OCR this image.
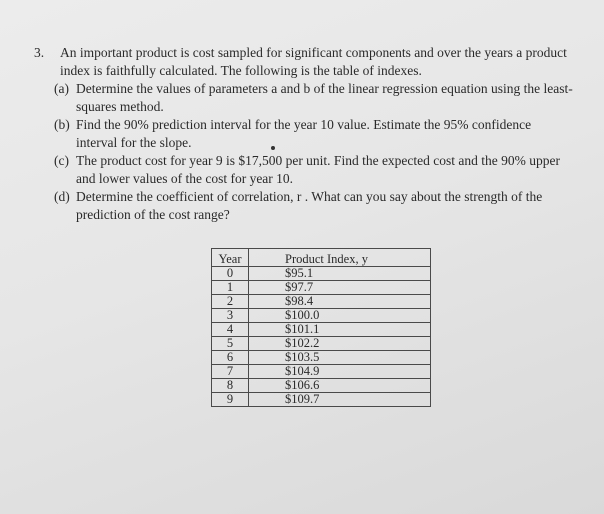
3.	An important product is cost sampled for significant components and over the years a product index is faithfully calculated. The following is the table of indexes.
(a) Determine the values of parameters a and b of the linear regression equation using the least-squares method.
(b) Find the 90% prediction interval for the year 10 value. Estimate the 95% confidence interval for the slope.
(c) The product cost for year 9 is $17,500 per unit. Find the expected cost and the 90% upper and lower values of the cost for year 10.
(d) Determine the coefficient of correlation, r . What can you say about the strength of the prediction of the cost range?
Year	Product Index, y
0	$95.1
1	$97.7
2	$98.4
3	$100.0
4	$101.1
5	$102.2
6	$103.5
7	$104.9
8	$106.6
9	$109.7
